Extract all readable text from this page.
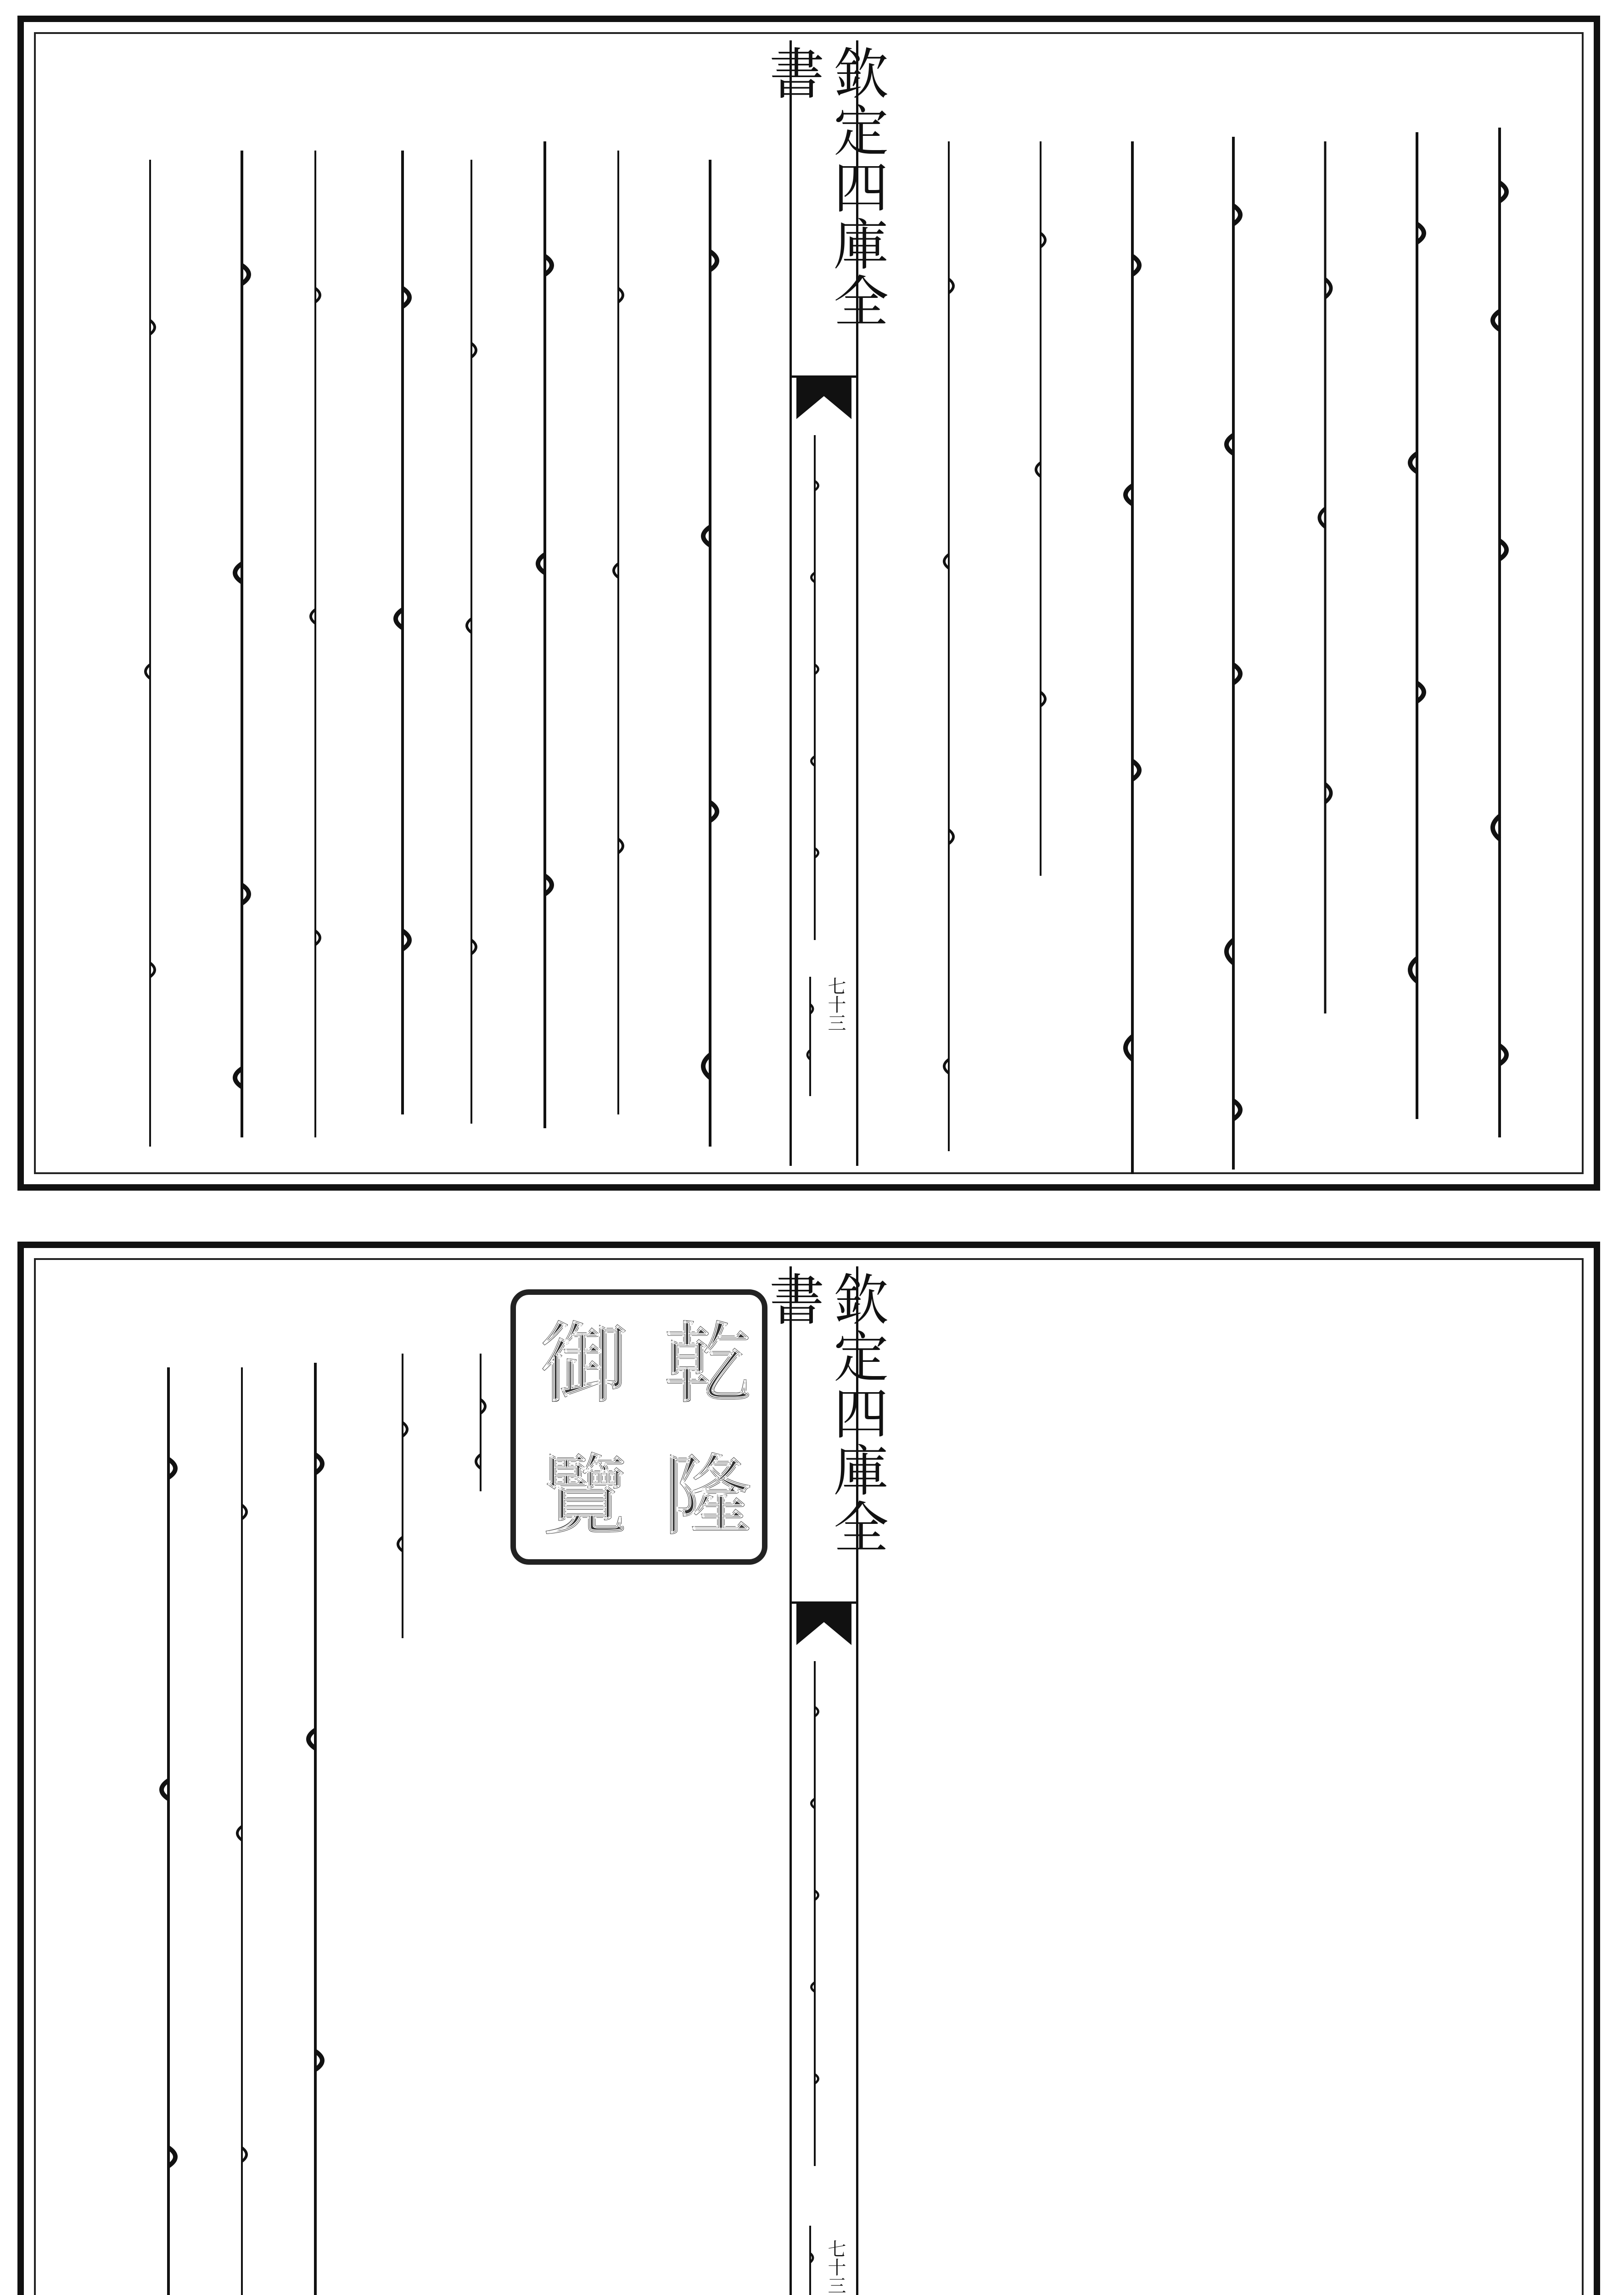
欽定四庫全書
七十三
欽定四庫全書
七十三
乾
隆
御
覽
